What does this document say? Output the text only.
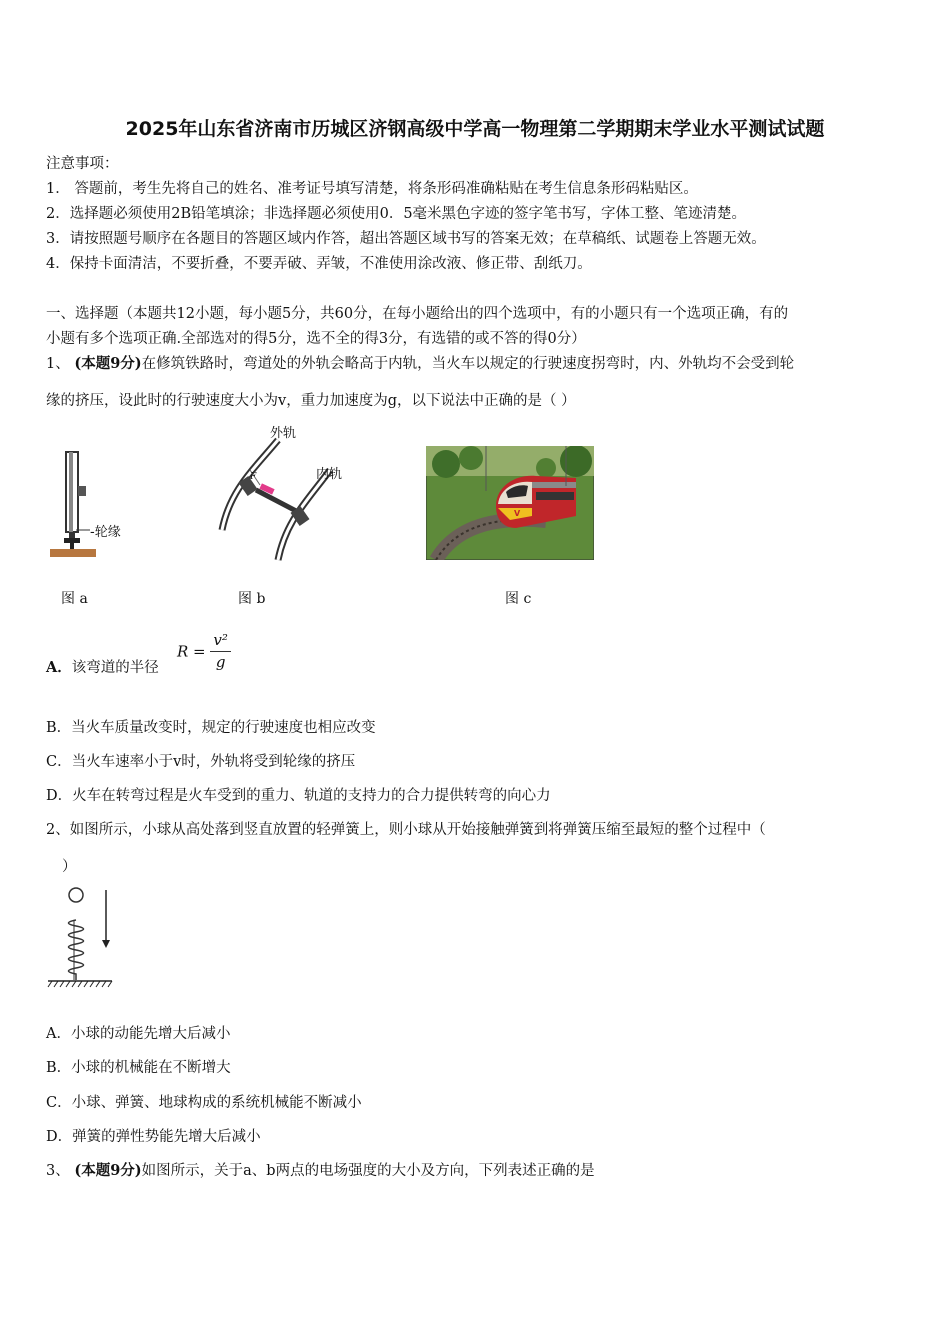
2025年山东省济南市历城区济钢高级中学高一物理第二学期期末学业水平测试试题
注意事项：
1． 答题前，考生先将自己的姓名、准考证号填写清楚，将条形码准确粘贴在考生信息条形码粘贴区。
2．选择题必须使用2B铅笔填涂；非选择题必须使用0．5毫米黑色字迹的签字笔书写，字体工整、笔迹清楚。
3．请按照题号顺序在各题目的答题区域内作答，超出答题区域书写的答案无效；在草稿纸、试题卷上答题无效。
4．保持卡面清洁，不要折叠，不要弄破、弄皱，不准使用涂改液、修正带、刮纸刀。
一、选择题（本题共12小题，每小题5分，共60分，在每小题给出的四个选项中，有的小题只有一个选项正确，有的
小题有多个选项正确.全部选对的得5分，选不全的得3分，有选错的或不答的得0分）
1、 (本题9分)在修筑铁路时，弯道处的外轨会略高于内轨，当火车以规定的行驶速度拐弯时，内、外轨均不会受到轮
缘的挤压，设此时的行驶速度大小为v，重力加速度为g，以下说法中正确的是（ ）
-轮缘
图 a
外轨
内轨
F
图 b
V
图 c
A．该弯道的半径
$R = \frac{\text{v²}}{g}$
B．当火车质量改变时，规定的行驶速度也相应改变
C．当火车速率小于v时，外轨将受到轮缘的挤压
D．火车在转弯过程是火车受到的重力、轨道的支持力的合力提供转弯的向心力
2、如图所示，小球从高处落到竖直放置的轻弹簧上，则小球从开始接触弹簧到将弹簧压缩至最短的整个过程中（
）
A．小球的动能先增大后减小
B．小球的机械能在不断增大
C．小球、弹簧、地球构成的系统机械能不断减小
D．弹簧的弹性势能先增大后减小
3、 (本题9分)如图所示，关于a、b两点的电场强度的大小及方向，下列表述正确的是
